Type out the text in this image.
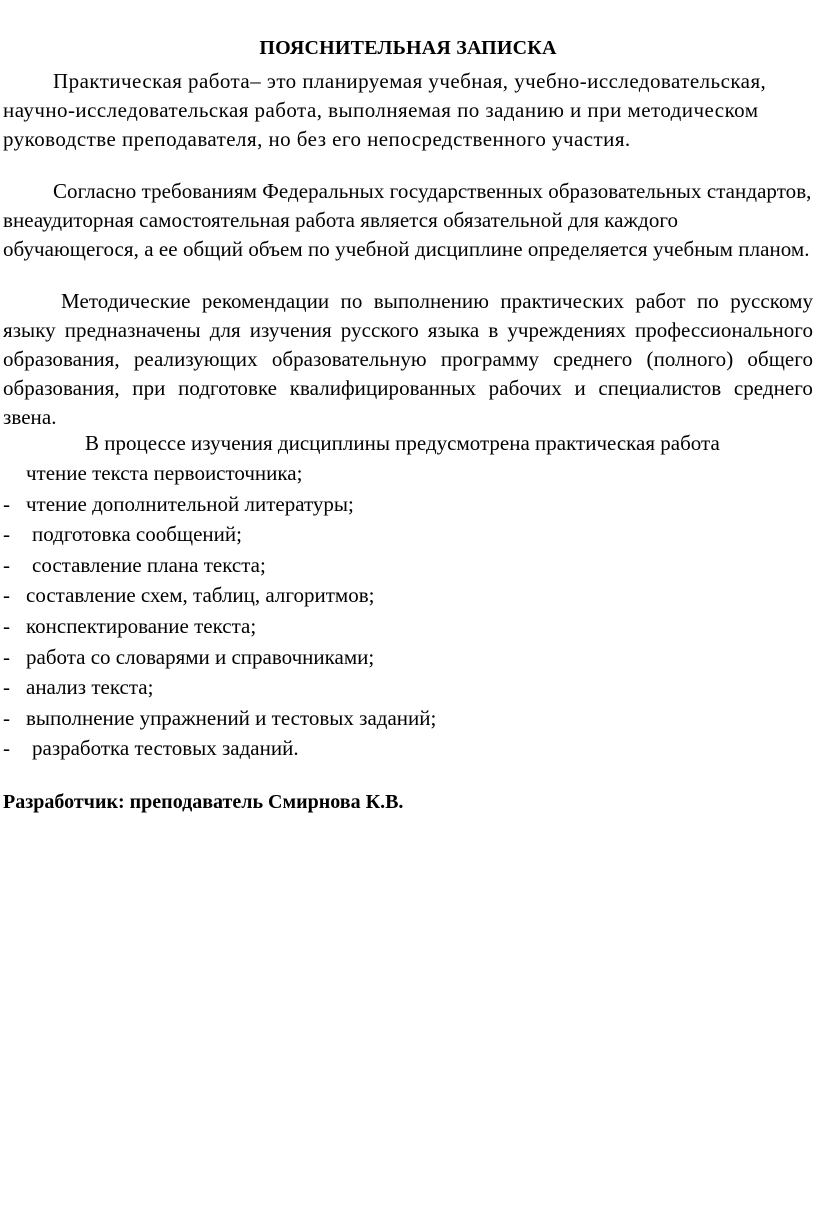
ПОЯСНИТЕЛЬНАЯ ЗАПИСКА

Практическая работа– это планируемая учебная, учебно-исследовательская, научно-исследовательская работа, выполняемая по заданию и при методическом руководстве преподавателя, но без его непосредственного участия.

Согласно требованиям Федеральных государственных образовательных стандартов, внеаудиторная самостоятельная работа является обязательной для каждого обучающегося, а ее общий объем по учебной дисциплине определяется учебным планом.

Методические рекомендации по выполнению практических работ по русскому языку предназначены для изучения русского языка в учреждениях профессионального образования, реализующих образовательную программу среднего (полного) общего образования, при подготовке квалифицированных рабочих и специалистов среднего звена.

В процессе изучения дисциплины предусмотрена практическая работа

чтение текста первоисточника;
- чтение дополнительной литературы;
- подготовка сообщений;
- составление плана текста;
- составление схем, таблиц, алгоритмов;
- конспектирование текста;
- работа со словарями и справочниками;
- анализ текста;
- выполнение упражнений и тестовых заданий;
- разработка тестовых заданий.
Разработчик: преподаватель Смирнова К.В.
